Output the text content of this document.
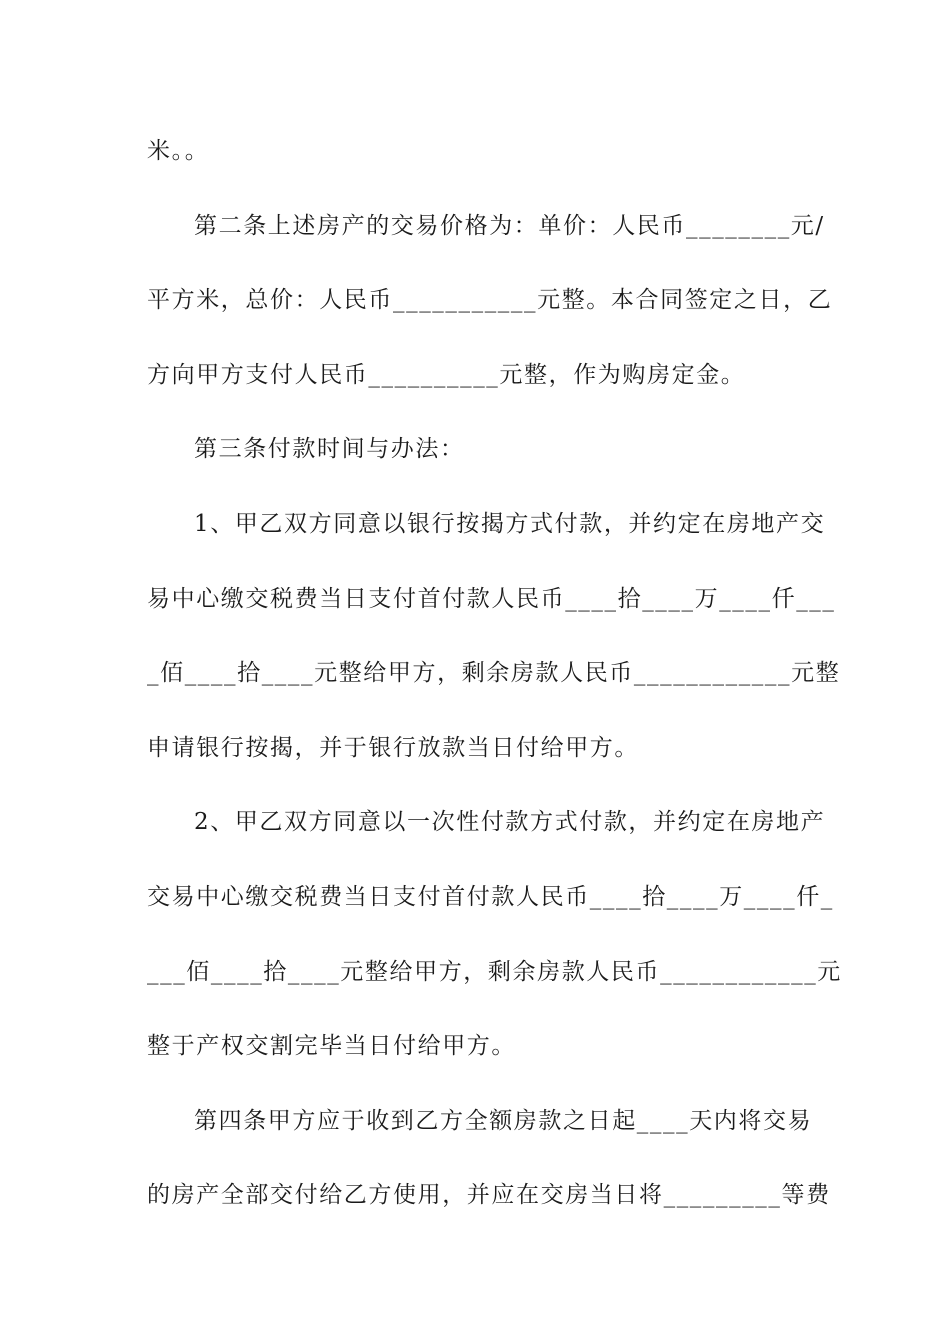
米。。
第二条上述房产的交易价格为：单价：人民币________元/
平方米，总价：人民币___________元整。本合同签定之日，乙
方向甲方支付人民币__________元整，作为购房定金。
第三条付款时间与办法：
1、甲乙双方同意以银行按揭方式付款，并约定在房地产交
易中心缴交税费当日支付首付款人民币____拾____万____仟___
_佰____拾____元整给甲方，剩余房款人民币____________元整
申请银行按揭，并于银行放款当日付给甲方。
2、甲乙双方同意以一次性付款方式付款，并约定在房地产
交易中心缴交税费当日支付首付款人民币____拾____万____仟_
___佰____拾____元整给甲方，剩余房款人民币____________元
整于产权交割完毕当日付给甲方。
第四条甲方应于收到乙方全额房款之日起____天内将交易
的房产全部交付给乙方使用，并应在交房当日将_________等费
